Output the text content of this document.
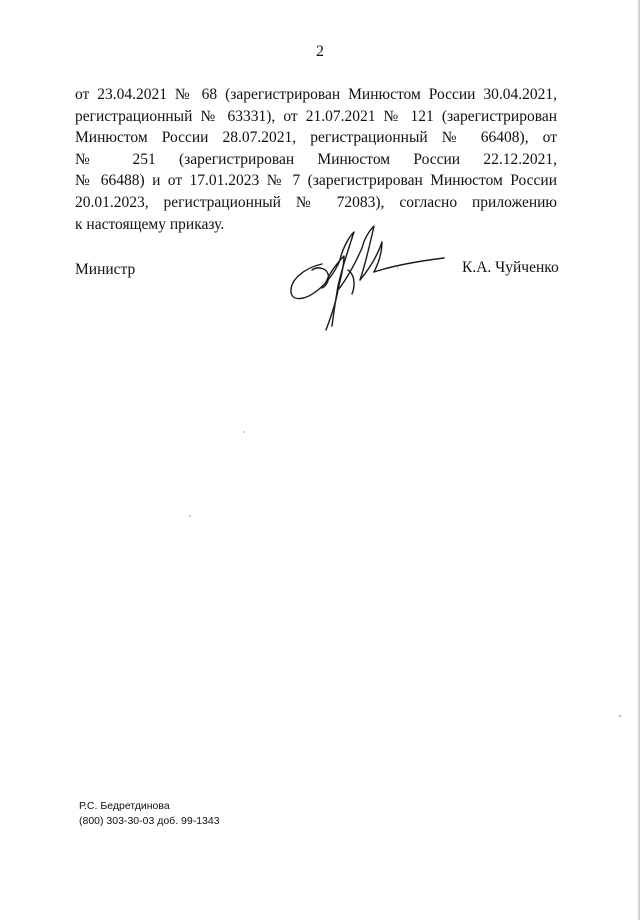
2
от 23.04.2021 № 68 (зарегистрирован Минюстом России 30.04.2021,
регистрационный № 63331), от 21.07.2021 № 121 (зарегистрирован
Минюстом России 28.07.2021, регистрационный № 66408), от
№ 251 (зарегистрирован Минюстом России 22.12.2021,
№ 66488) и от 17.01.2023 № 7 (зарегистрирован Минюстом России
20.01.2023, регистрационный № 72083), согласно приложению
к настоящему приказу.
Министр	К.А. Чуйченко
Р.С. Бедретдинова
(800) 303-30-03 доб. 99-1343
